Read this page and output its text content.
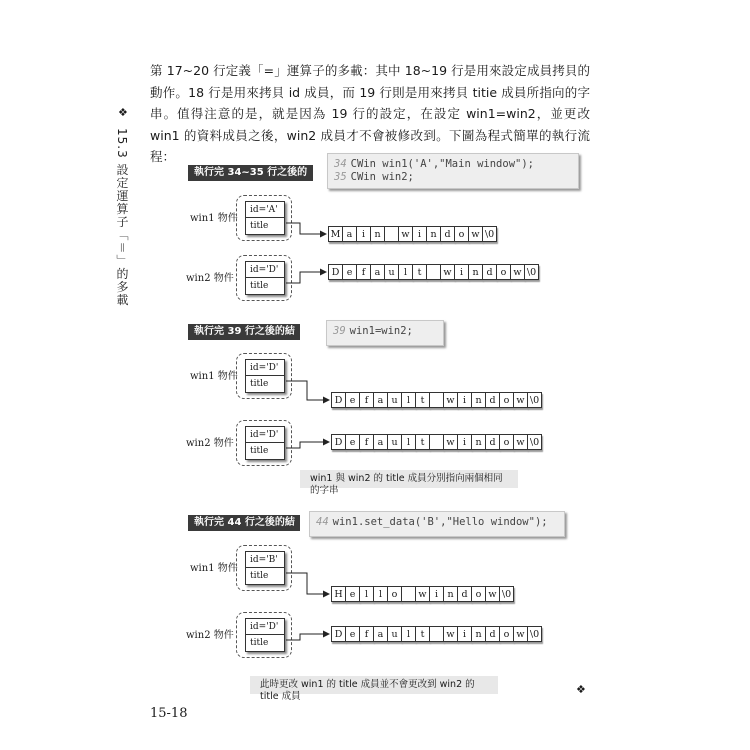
❖
15.3 設定運算子「＝」的多載
第 17~20 行定義「=」運算子的多載：其中 18~19 行是用來設定成員拷貝的動作。18 行是用來拷貝 id 成員，而 19 行則是用來拷貝 titie 成員所指向的字串。值得注意的是，就是因為 19 行的設定，在設定 win1=win2，並更改 win1 的資料成員之後，win2 成員才不會被修改到。下圖為程式簡單的執行流程：
執行完 34~35 行之後的結果
34 CWin win1('A',"Main window");
35 CWin win2;
win1 物件
id='A'
title
M a	i n	w i n d o w \0
win2 物件
id='D'
title
D e f a u l	t	w i n d o w \0
執行完 39 行之後的結果
39 win1=win2;
win1 物件
id='D'
title
D e f a u l	t	w i n d o w \0
win2 物件
id='D'
title
D e f a u l	t	w i n d o w \0
win1 與 win2 的 title 成員分別指向兩個相同的字串
執行完 44 行之後的結果
44 win1.set_data('B',"Hello window");
win1 物件
id='B'
title
H e	l	l	o	w i n d o w \0
win2 物件
id='D'
title
D e f a u l	t	w i n d o w \0
此時更改 win1 的 title 成員並不會更改到 win2 的 title 成員
❖
15-18
